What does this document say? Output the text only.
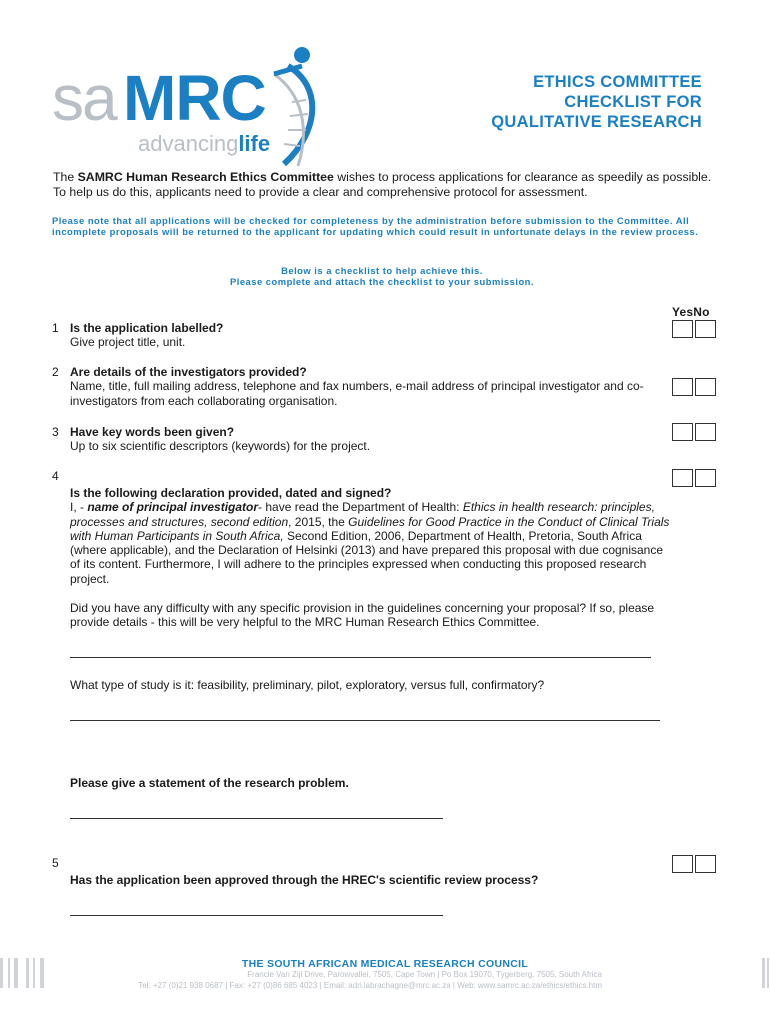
sa MRC
advancinglife
ETHICS COMMITTEE
CHECKLIST FOR
QUALITATIVE RESEARCH
The SAMRC Human Research Ethics Committee wishes to process applications for clearance as speedily as possible. To help us do this, applicants need to provide a clear and comprehensive protocol for assessment.
Please note that all applications will be checked for completeness by the administration before submission to the Committee. All incomplete proposals will be returned to the applicant for updating which could result in unfortunate delays in the review process.
Below is a checklist to help achieve this.
Please complete and attach the checklist to your submission.
YesNo
1 Is the application labelled?
Give project title, unit.
2 Are details of the investigators provided?
Name, title, full mailing address, telephone and fax numbers, e-mail address of principal investigator and co-investigators from each collaborating organisation.
3 Have key words been given?
Up to six scientific descriptors (keywords) for the project.
4
Is the following declaration provided, dated and signed?
I, - name of principal investigator- have read the Department of Health: Ethics in health research: principles, processes and structures, second edition, 2015, the Guidelines for Good Practice in the Conduct of Clinical Trials with Human Participants in South Africa, Second Edition, 2006, Department of Health, Pretoria, South Africa (where applicable), and the Declaration of Helsinki (2013) and have prepared this proposal with due cognisance of its content. Furthermore, I will adhere to the principles expressed when conducting this proposed research project.
Did you have any difficulty with any specific provision in the guidelines concerning your proposal? If so, please provide details - this will be very helpful to the MRC Human Research Ethics Committee.
What type of study is it: feasibility, preliminary, pilot, exploratory, versus full, confirmatory?
Please give a statement of the research problem.
5
Has the application been approved through the HREC's scientific review process?
THE SOUTH AFRICAN MEDICAL RESEARCH COUNCIL
Francie Van Zijl Drive, Parowvallei, 7505, Cape Town | Po Box 19070, Tygerberg, 7505, South Africa
Tel: +27 (0)21 938 0687 | Fax: +27 (0)86 685 4023 | Email: adri.labrachagne@mrc.ac.za | Web: www.samrc.ac.za/ethics/ethics.htm
